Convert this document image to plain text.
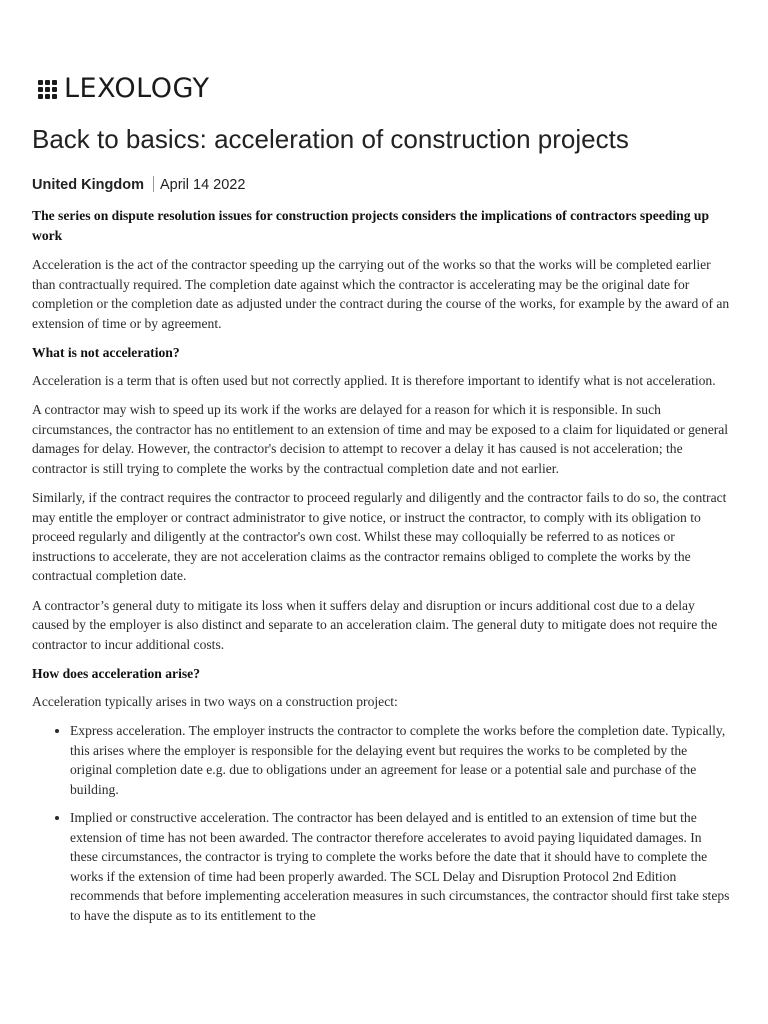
LEXOLOGY
Back to basics: acceleration of construction projects
United Kingdom April 14 2022

The series on dispute resolution issues for construction projects considers the implications of contractors speeding up work

Acceleration is the act of the contractor speeding up the carrying out of the works so that the works will be completed earlier than contractually required. The completion date against which the contractor is accelerating may be the original date for completion or the completion date as adjusted under the contract during the course of the works, for example by the award of an extension of time or by agreement.

What is not acceleration?

Acceleration is a term that is often used but not correctly applied. It is therefore important to identify what is not acceleration.

A contractor may wish to speed up its work if the works are delayed for a reason for which it is responsible. In such circumstances, the contractor has no entitlement to an extension of time and may be exposed to a claim for liquidated or general damages for delay. However, the contractor's decision to attempt to recover a delay it has caused is not acceleration; the contractor is still trying to complete the works by the contractual completion date and not earlier.

Similarly, if the contract requires the contractor to proceed regularly and diligently and the contractor fails to do so, the contract may entitle the employer or contract administrator to give notice, or instruct the contractor, to comply with its obligation to proceed regularly and diligently at the contractor's own cost. Whilst these may colloquially be referred to as notices or instructions to accelerate, they are not acceleration claims as the contractor remains obliged to complete the works by the contractual completion date.

A contractor’s general duty to mitigate its loss when it suffers delay and disruption or incurs additional cost due to a delay caused by the employer is also distinct and separate to an acceleration claim. The general duty to mitigate does not require the contractor to incur additional costs.

How does acceleration arise?

Acceleration typically arises in two ways on a construction project:

• Express acceleration. The employer instructs the contractor to complete the works before the completion date. Typically, this arises where the employer is responsible for the delaying event but requires the works to be completed by the original completion date e.g. due to obligations under an agreement for lease or a potential sale and purchase of the building.
• Implied or constructive acceleration. The contractor has been delayed and is entitled to an extension of time but the extension of time has not been awarded. The contractor therefore accelerates to avoid paying liquidated damages. In these circumstances, the contractor is trying to complete the works before the date that it should have to complete the works if the extension of time had been properly awarded. The SCL Delay and Disruption Protocol 2nd Edition recommends that before implementing acceleration measures in such circumstances, the contractor should first take steps to have the dispute as to its entitlement to the
